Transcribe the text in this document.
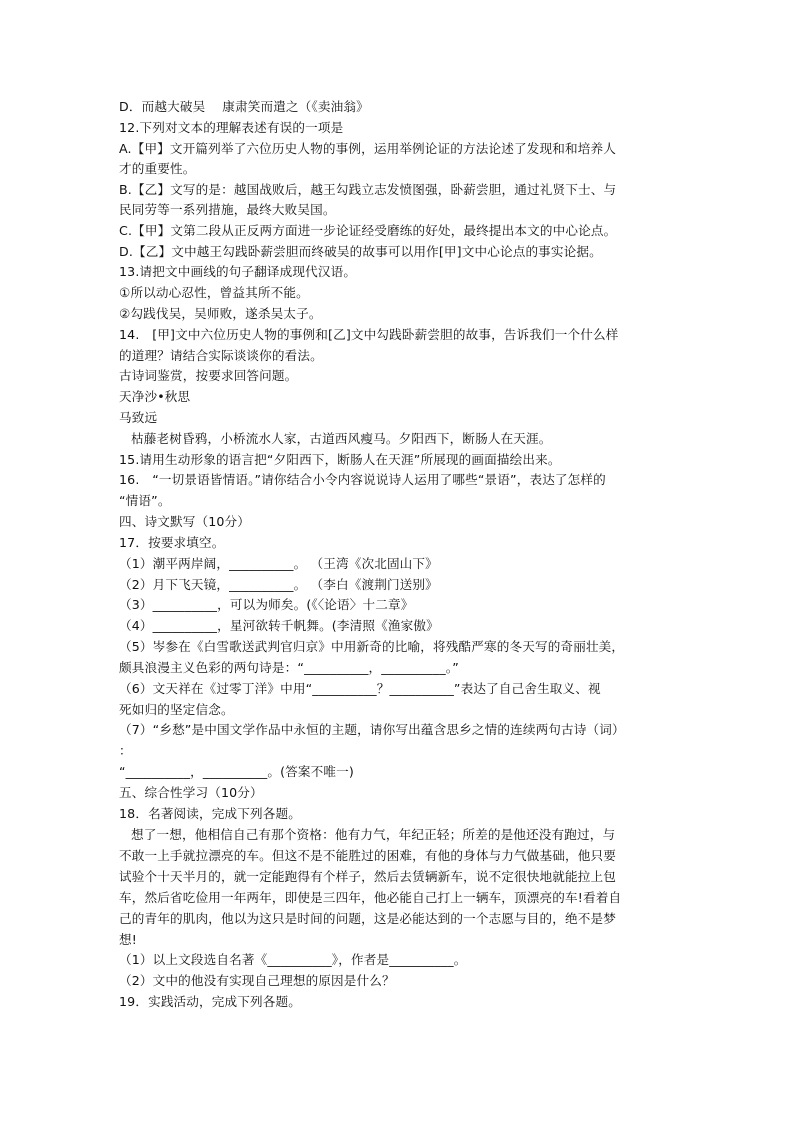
D．而越大破吴　 康肃笑而遣之（《卖油翁》
12.下列对文本的理解表述有误的一项是
A.【甲】文开篇列举了六位历史人物的事例，运用举例论证的方法论述了发现和和培养人
才的重要性。
B.【乙】文写的是：越国战败后，越王勾践立志发愤图强，卧薪尝胆，通过礼贤下士、与
民同劳等一系列措施，最终大败吴国。
C.【甲】文第二段从正反两方面进一步论证经受磨练的好处，最终提出本文的中心论点。
D.【乙】文中越王勾践卧薪尝胆而终破吴的故事可以用作[甲]文中心论点的事实论据。
13.请把文中画线的句子翻译成现代汉语。
①所以动心忍性，曾益其所不能。
②勾践伐吴，吴师败，遂杀吴太子。
14.　[甲]文中六位历史人物的事例和[乙]文中勾践卧薪尝胆的故事，告诉我们一个什么样
的道理？请结合实际谈谈你的看法。
古诗词鉴赏，按要求回答问题。
天净沙•秋思
马致远
枯藤老树昏鸦，小桥流水人家，古道西风瘦马。夕阳西下，断肠人在天涯。
15.请用生动形象的语言把“夕阳西下，断肠人在天涯”所展现的画面描绘出来。
16.　“一切景语皆情语。”请你结合小令内容说说诗人运用了哪些“景语”，表达了怎样的
“情语”。
四、诗文默写（10分）
17．按要求填空。
（1）潮平两岸阔，__________。 （王湾《次北固山下》
（2）月下飞天镜，__________。 （李白《渡荆门送别》
（3）__________，可以为师矣。(《〈论语〉十二章》
（4）__________，星河欲转千帆舞。(李清照《渔家傲》
（5）岑参在《白雪歌送武判官归京》中用新奇的比喻，将残酷严寒的冬天写的奇丽壮美，
颇具浪漫主义色彩的两句诗是：“__________，__________。”
（6）文天祥在《过零丁洋》中用“__________？__________”表达了自己舍生取义、视
死如归的坚定信念。
（7）“乡愁”是中国文学作品中永恒的主题，请你写出蕴含思乡之情的连续两句古诗（词）
：
“__________，__________。(答案不唯一)
五、综合性学习（10分）
18．名著阅读，完成下列各题。
想了一想，他相信自己有那个资格：他有力气，年纪正轻；所差的是他还没有跑过，与
不敢一上手就拉漂亮的车。但这不是不能胜过的困难，有他的身体与力气做基础，他只要
试验个十天半月的，就一定能跑得有个样子，然后去赁辆新车，说不定很快地就能拉上包
车，然后省吃俭用一年两年，即使是三四年，他必能自己打上一辆车，顶漂亮的车!看着自
己的青年的肌肉，他以为这只是时间的问题，这是必能达到的一个志愿与目的，绝不是梦
想!
（1）以上文段选自名著《__________》，作者是__________。
（2）文中的他没有实现自己理想的原因是什么？
19．实践活动，完成下列各题。
